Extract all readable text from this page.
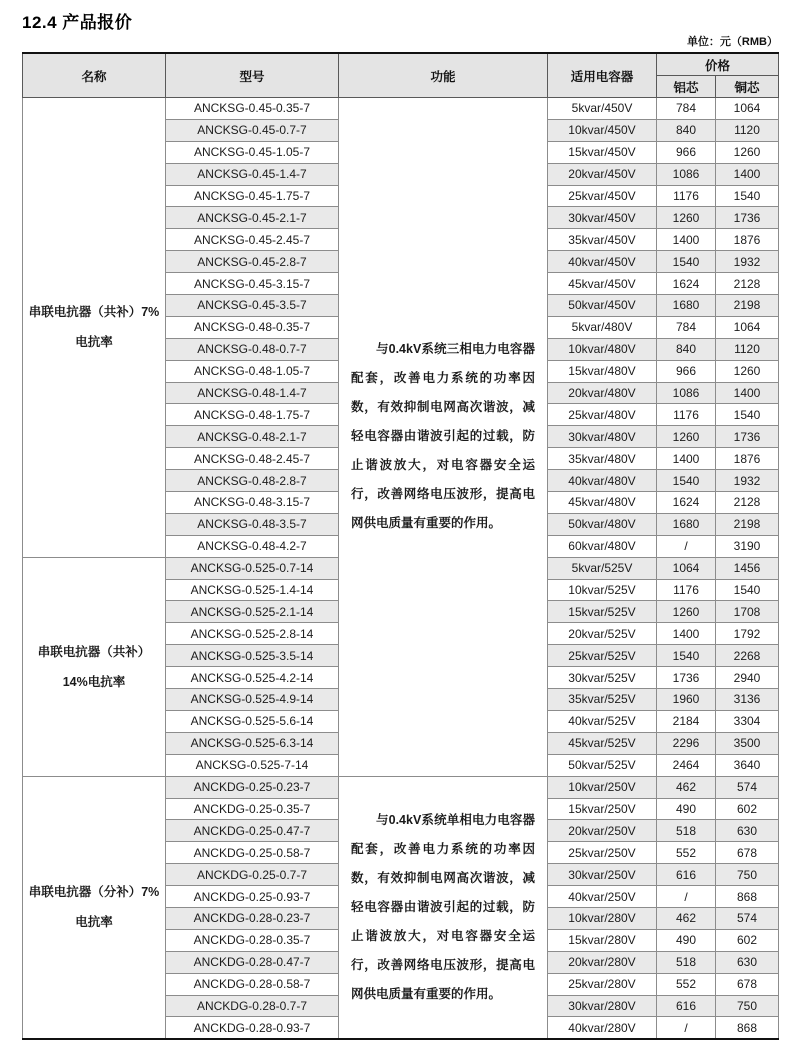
12.4 产品报价
单位：元（RMB）
名称	型号	功能	适用电容器	价格	
				铝芯	铜芯

串联电抗器（共补）7%
电抗率	ANCKSG-0.45-0.35-7	与0.4kV系统三相电力电容器配套，改善电力系统的功率因数，有效抑制电网高次谐波，减轻电容器由谐波引起的过载，防止谐波放大，对电容器安全运行，改善网络电压波形，提高电网供电质量有重要的作用。	5kvar/450V	784	1064
	ANCKSG-0.45-0.7-7		10kvar/450V	840	1120
	ANCKSG-0.45-1.05-7		15kvar/450V	966	1260
	ANCKSG-0.45-1.4-7		20kvar/450V	1086	1400
	ANCKSG-0.45-1.75-7		25kvar/450V	1176	1540
	ANCKSG-0.45-2.1-7		30kvar/450V	1260	1736
	ANCKSG-0.45-2.45-7		35kvar/450V	1400	1876
	ANCKSG-0.45-2.8-7		40kvar/450V	1540	1932
	ANCKSG-0.45-3.15-7		45kvar/450V	1624	2128
	ANCKSG-0.45-3.5-7		50kvar/450V	1680	2198
	ANCKSG-0.48-0.35-7		5kvar/480V	784	1064
	ANCKSG-0.48-0.7-7		10kvar/480V	840	1120
	ANCKSG-0.48-1.05-7		15kvar/480V	966	1260
	ANCKSG-0.48-1.4-7		20kvar/480V	1086	1400
	ANCKSG-0.48-1.75-7		25kvar/480V	1176	1540
	ANCKSG-0.48-2.1-7		30kvar/480V	1260	1736
	ANCKSG-0.48-2.45-7		35kvar/480V	1400	1876
	ANCKSG-0.48-2.8-7		40kvar/480V	1540	1932
	ANCKSG-0.48-3.15-7		45kvar/480V	1624	2128
	ANCKSG-0.48-3.5-7		50kvar/480V	1680	2198
	ANCKSG-0.48-4.2-7		60kvar/480V	/	3190

串联电抗器（共补）
14%电抗率	ANCKSG-0.525-0.7-14		5kvar/525V	1064	1456
	ANCKSG-0.525-1.4-14		10kvar/525V	1176	1540
	ANCKSG-0.525-2.1-14		15kvar/525V	1260	1708
	ANCKSG-0.525-2.8-14		20kvar/525V	1400	1792
	ANCKSG-0.525-3.5-14		25kvar/525V	1540	2268
	ANCKSG-0.525-4.2-14		30kvar/525V	1736	2940
	ANCKSG-0.525-4.9-14		35kvar/525V	1960	3136
	ANCKSG-0.525-5.6-14		40kvar/525V	2184	3304
	ANCKSG-0.525-6.3-14		45kvar/525V	2296	3500
	ANCKSG-0.525-7-14		50kvar/525V	2464	3640

串联电抗器（分补）7%
电抗率	ANCKDG-0.25-0.23-7	与0.4kV系统单相电力电容器配套，改善电力系统的功率因数，有效抑制电网高次谐波，减轻电容器由谐波引起的过载，防止谐波放大，对电容器安全运行，改善网络电压波形，提高电网供电质量有重要的作用。	10kvar/250V	462	574
	ANCKDG-0.25-0.35-7		15kvar/250V	490	602
	ANCKDG-0.25-0.47-7		20kvar/250V	518	630
	ANCKDG-0.25-0.58-7		25kvar/250V	552	678
	ANCKDG-0.25-0.7-7		30kvar/250V	616	750
	ANCKDG-0.25-0.93-7		40kvar/250V	/	868
	ANCKDG-0.28-0.23-7		10kvar/280V	462	574
	ANCKDG-0.28-0.35-7		15kvar/280V	490	602
	ANCKDG-0.28-0.47-7		20kvar/280V	518	630
	ANCKDG-0.28-0.58-7		25kvar/280V	552	678
	ANCKDG-0.28-0.7-7		30kvar/280V	616	750
	ANCKDG-0.28-0.93-7		40kvar/280V	/	868
